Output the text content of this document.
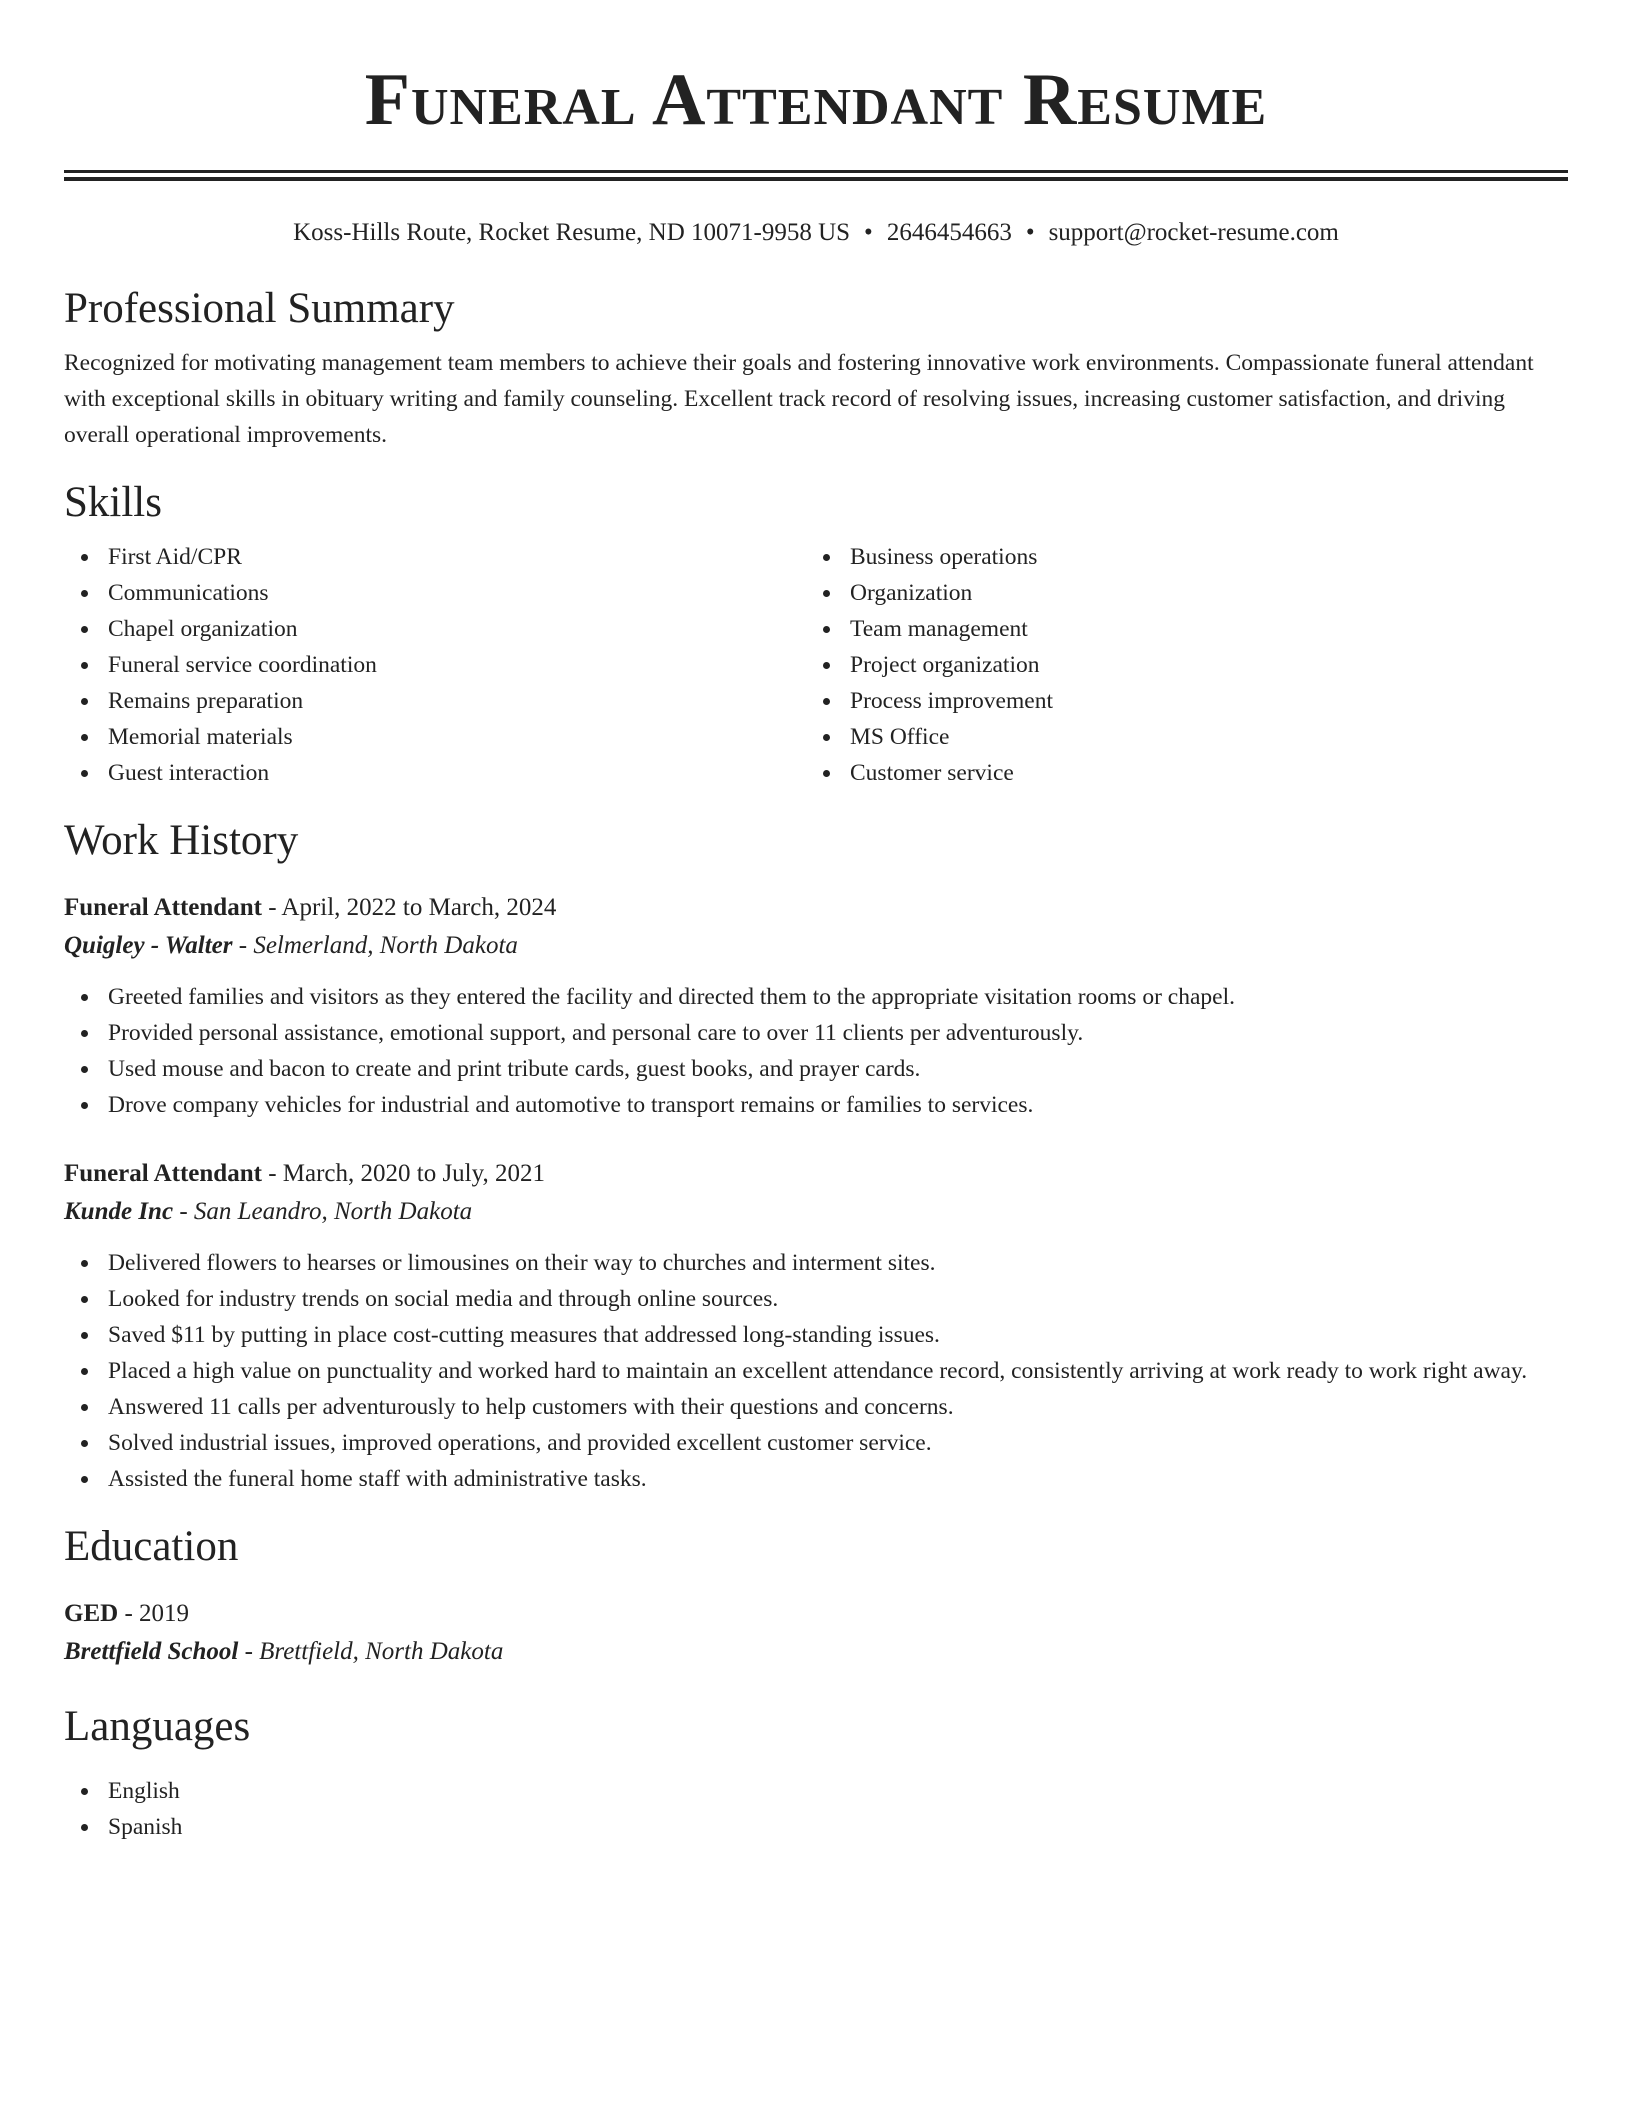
Funeral Attendant Resume
Koss-Hills Route, Rocket Resume, ND 10071-9958 US • 2646454663 • support@rocket-resume.com
Professional Summary
Recognized for motivating management team members to achieve their goals and fostering innovative work environments. Compassionate funeral attendant with exceptional skills in obituary writing and family counseling. Excellent track record of resolving issues, increasing customer satisfaction, and driving overall operational improvements.
Skills
First Aid/CPR
Communications
Chapel organization
Funeral service coordination
Remains preparation
Memorial materials
Guest interaction
Business operations
Organization
Team management
Project organization
Process improvement
MS Office
Customer service
Work History
Funeral Attendant - April, 2022 to March, 2024
Quigley - Walter - Selmerland, North Dakota
Greeted families and visitors as they entered the facility and directed them to the appropriate visitation rooms or chapel.
Provided personal assistance, emotional support, and personal care to over 11 clients per adventurously.
Used mouse and bacon to create and print tribute cards, guest books, and prayer cards.
Drove company vehicles for industrial and automotive to transport remains or families to services.
Funeral Attendant - March, 2020 to July, 2021
Kunde Inc - San Leandro, North Dakota
Delivered flowers to hearses or limousines on their way to churches and interment sites.
Looked for industry trends on social media and through online sources.
Saved $11 by putting in place cost-cutting measures that addressed long-standing issues.
Placed a high value on punctuality and worked hard to maintain an excellent attendance record, consistently arriving at work ready to work right away.
Answered 11 calls per adventurously to help customers with their questions and concerns.
Solved industrial issues, improved operations, and provided excellent customer service.
Assisted the funeral home staff with administrative tasks.
Education
GED - 2019
Brettfield School - Brettfield, North Dakota
Languages
English
Spanish
